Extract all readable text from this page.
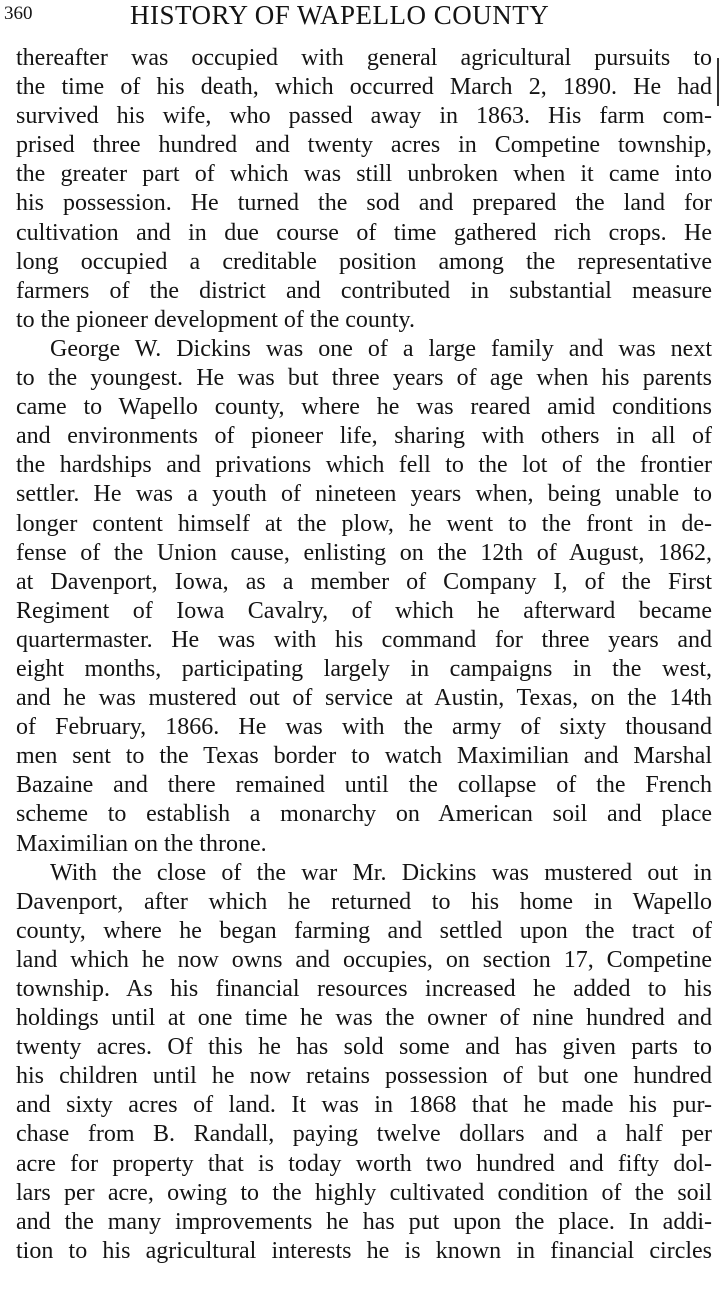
360	HISTORY OF WAPELLO COUNTY
thereafter was occupied with general agricultural pursuits to
the time of his death, which occurred March 2, 1890. He had
survived his wife, who passed away in 1863. His farm com-
prised three hundred and twenty acres in Competine township,
the greater part of which was still unbroken when it came into
his possession. He turned the sod and prepared the land for
cultivation and in due course of time gathered rich crops. He
long occupied a creditable position among the representative
farmers of the district and contributed in substantial measure
to the pioneer development of the county.
George W. Dickins was one of a large family and was next
to the youngest. He was but three years of age when his parents
came to Wapello county, where he was reared amid conditions
and environments of pioneer life, sharing with others in all of
the hardships and privations which fell to the lot of the frontier
settler. He was a youth of nineteen years when, being unable to
longer content himself at the plow, he went to the front in de-
fense of the Union cause, enlisting on the 12th of August, 1862,
at Davenport, Iowa, as a member of Company I, of the First
Regiment of Iowa Cavalry, of which he afterward became
quartermaster. He was with his command for three years and
eight months, participating largely in campaigns in the west,
and he was mustered out of service at Austin, Texas, on the 14th
of February, 1866. He was with the army of sixty thousand
men sent to the Texas border to watch Maximilian and Marshal
Bazaine and there remained until the collapse of the French
scheme to establish a monarchy on American soil and place
Maximilian on the throne.
With the close of the war Mr. Dickins was mustered out in
Davenport, after which he returned to his home in Wapello
county, where he began farming and settled upon the tract of
land which he now owns and occupies, on section 17, Competine
township. As his financial resources increased he added to his
holdings until at one time he was the owner of nine hundred and
twenty acres. Of this he has sold some and has given parts to
his children until he now retains possession of but one hundred
and sixty acres of land. It was in 1868 that he made his pur-
chase from B. Randall, paying twelve dollars and a half per
acre for property that is today worth two hundred and fifty dol-
lars per acre, owing to the highly cultivated condition of the soil
and the many improvements he has put upon the place. In addi-
tion to his agricultural interests he is known in financial circles
